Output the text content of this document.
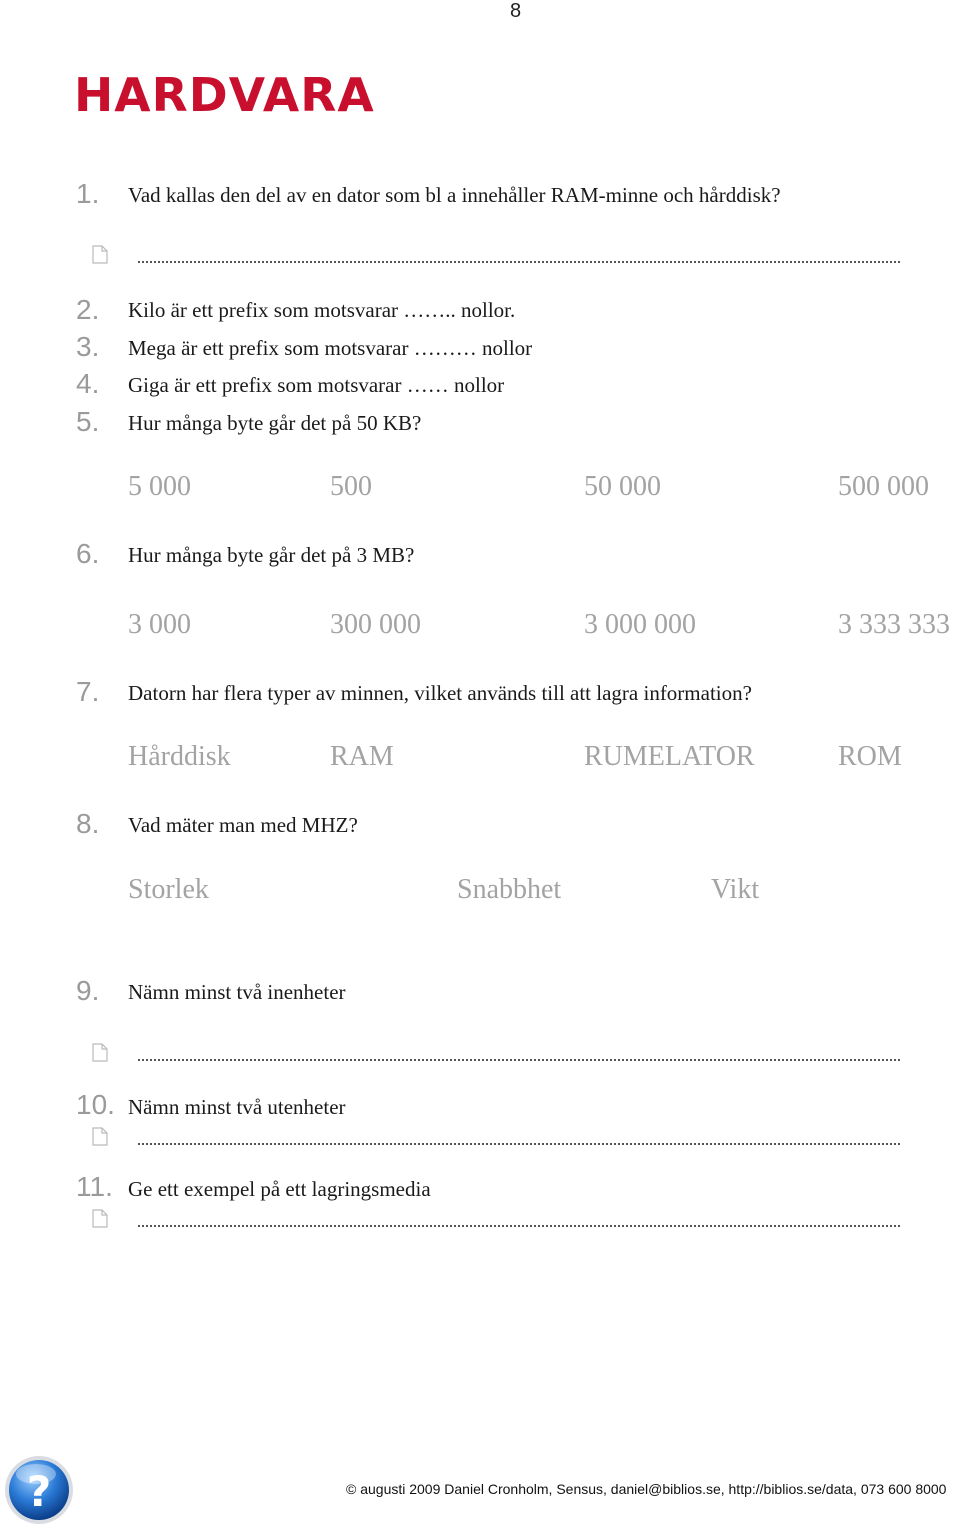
8
HARDVARA
1. Vad kallas den del av en dator som bl a innehåller RAM-minne och hårddisk?
2. Kilo är ett prefix som motsvarar …….. nollor.
3. Mega är ett prefix som motsvarar ……… nollor
4. Giga är ett prefix som motsvarar …… nollor
5. Hur många byte går det på 50 KB?
5 000	500	50 000	500 000
6. Hur många byte går det på 3 MB?
3 000	300 000	3 000 000	3 333 333
7. Datorn har flera typer av minnen, vilket används till att lagra information?
Hårddisk	RAM	RUMELATOR	ROM
8. Vad mäter man med MHZ?
Storlek	Snabbhet	Vikt
9. Nämn minst två inenheter
10. Nämn minst två utenheter
11. Ge ett exempel på ett lagringsmedia
?	© augusti 2009 Daniel Cronholm, Sensus, daniel@biblios.se, http://biblios.se/data, 073 600 8000
